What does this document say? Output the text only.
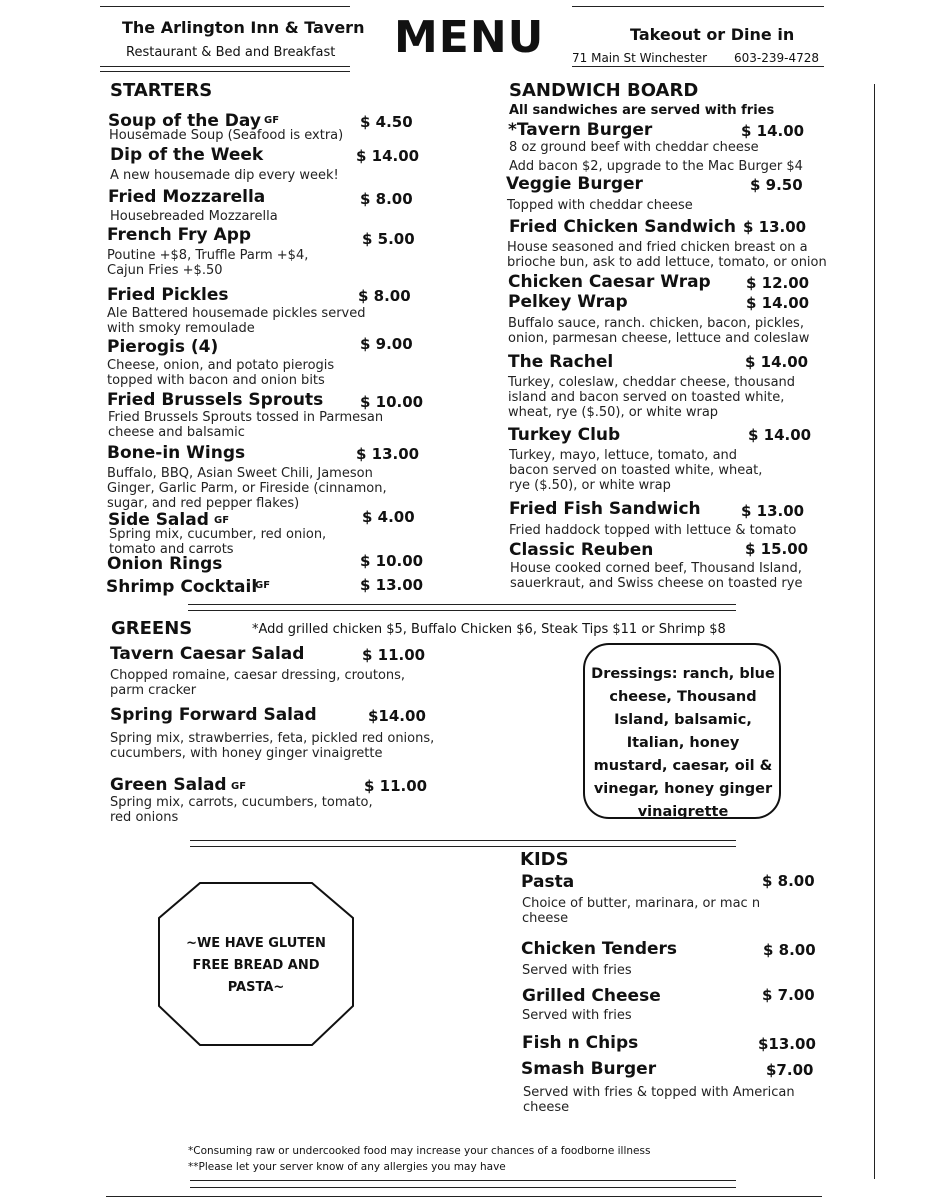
The Arlington Inn & Tavern
Restaurant & Bed and Breakfast MENU	Takeout or Dine in
71 Main St Winchester 603-239-4728
STARTERS
Soup of the Day GF	$ 4.50
Housemade Soup (Seafood is extra)
Dip of the Week	$ 14.00
A new housemade dip every week!
Fried Mozzarella	$ 8.00
Housebreaded Mozzarella
French Fry App	$ 5.00
Poutine +$8, Truffle Parm +$4, Cajun Fries +$.50
Fried Pickles	$ 8.00
Ale Battered housemade pickles served with smoky remoulade
Pierogis (4)	$ 9.00
Cheese, onion, and potato pierogis topped with bacon and onion bits
Fried Brussels Sprouts $ 10.00
Fried Brussels Sprouts tossed in Parmesan cheese and balsamic
Bone-in Wings	$ 13.00
Buffalo, BBQ, Asian Sweet Chili, Jameson Ginger, Garlic Parm, or Fireside (cinnamon, sugar, and red pepper flakes)
Side Salad GF	$ 4.00
Spring mix, cucumber, red onion, tomato and carrots
Onion Rings	$ 10.00
Shrimp Cocktail
GF	$ 13.00
SANDWICH BOARD
All sandwiches are served with fries
*Tavern Burger	$ 14.00
8 oz ground beef with cheddar cheese
Add bacon $2, upgrade to the Mac Burger $4
Veggie Burger	$ 9.50
Topped with cheddar cheese
Fried Chicken Sandwich $ 13.00
House seasoned and fried chicken breast on a brioche bun, ask to add lettuce, tomato, or onion
Chicken Caesar Wrap $ 12.00
Pelkey Wrap	$ 14.00
Buffalo sauce, ranch. chicken, bacon, pickles, onion, parmesan cheese, lettuce and coleslaw
The Rachel	$ 14.00
Turkey, coleslaw, cheddar cheese, thousand island and bacon served on toasted white, wheat, rye ($.50), or white wrap
Turkey Club	$ 14.00
Turkey, mayo, lettuce, tomato, and bacon served on toasted white, wheat, rye ($.50), or white wrap
Fried Fish Sandwich	$ 13.00
Fried haddock topped with lettuce & tomato
Classic Reuben	$ 15.00
House cooked corned beef, Thousand Island, sauerkraut, and Swiss cheese on toasted rye
GREENS	*Add grilled chicken $5, Buffalo Chicken $6, Steak Tips $11 or Shrimp $8
Tavern Caesar Salad	$ 11.00
Chopped romaine, caesar dressing, croutons, parm cracker
Spring Forward Salad	$14.00
Spring mix, strawberries, feta, pickled red onions, cucumbers, with honey ginger vinaigrette
Green Salad GF	$ 11.00
Spring mix, carrots, cucumbers, tomato, red onions
Dressings: ranch, blue cheese, Thousand Island, balsamic, Italian, honey mustard, caesar, oil & vinegar, honey ginger vinaigrette
~WE HAVE GLUTEN FREE BREAD AND PASTA~
KIDS
Pasta	$ 8.00
Choice of butter, marinara, or mac n cheese
Chicken Tenders	$ 8.00
Served with fries
Grilled Cheese	$ 7.00
Served with fries
Fish n Chips	$13.00
Smash Burger	$7.00
Served with fries & topped with American cheese
*Consuming raw or undercooked food may increase your chances of a foodborne illness
**Please let your server know of any allergies you may have
